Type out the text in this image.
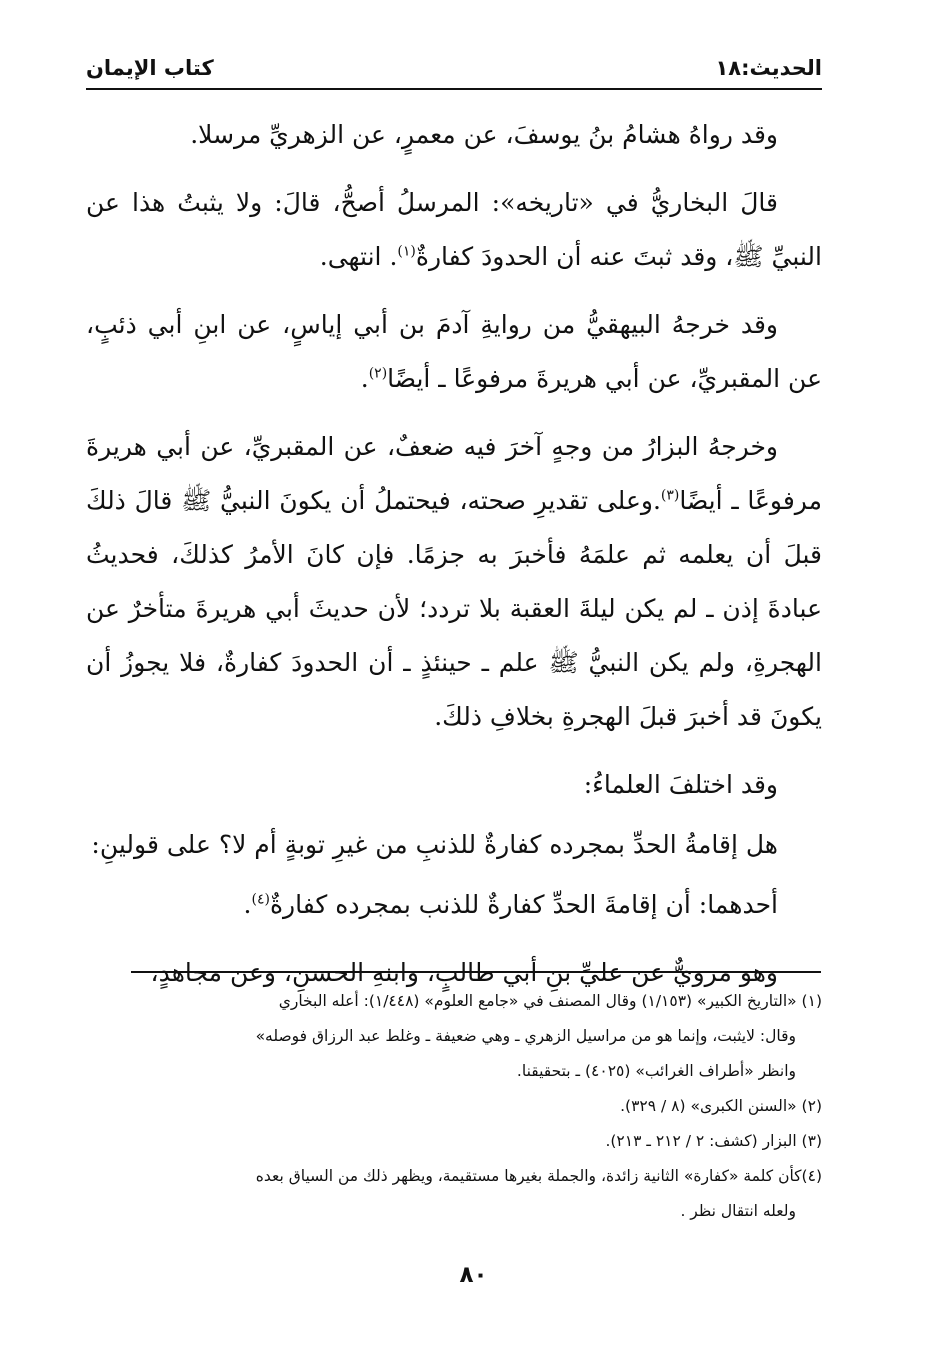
الحديث:١٨
كتاب الإيمان

وقد رواهُ هشامُ بنُ يوسفَ، عن معمرٍ، عن الزهريِّ مرسلا.

قالَ البخاريُّ في «تاريخه»: المرسلُ أصحُّ، قالَ: ولا يثبتُ هذا عن النبيِّ ﷺ، وقد ثبتَ عنه أن الحدودَ كفارةٌ$^{(١)}$. انتهى.

وقد خرجهُ البيهقيُّ من روايةِ آدمَ بن أبي إياسٍ، عن ابنِ أبي ذئبٍ، عن المقبريِّ، عن أبي هريرةَ مرفوعًا ـ أيضًا$^{(٢)}$.

وخرجهُ البزارُ من وجهٍ آخرَ فيه ضعفٌ، عن المقبريِّ، عن أبي هريرةَ مرفوعًا ـ أيضًا$^{(٣)}$.وعلى تقديرِ صحته، فيحتملُ أن يكونَ النبيُّ ﷺ قالَ ذلكَ قبلَ أن يعلمه ثم علمَهُ فأخبرَ به جزمًا. فإن كانَ الأمرُ كذلكَ، فحديثُ عبادةَ إذن ـ لم يكن ليلةَ العقبة بلا تردد؛ لأن حديثَ أبي هريرةَ متأخرٌ عن الهجرةِ، ولم يكن النبيُّ ﷺ علم ـ حينئذٍ ـ أن الحدودَ كفارةٌ، فلا يجوزُ أن يكونَ قد أخبرَ قبلَ الهجرةِ بخلافِ ذلكَ.

وقد اختلفَ العلماءُ:

هل إقامةُ الحدِّ بمجرده كفارةٌ للذنبِ من غيرِ توبةٍ أم لا؟ على قولينِ:

أحدهما: أن إقامةَ الحدِّ كفارةٌ للذنب بمجرده كفارةٌ$^{(٤)}$.

وهو مرويٌّ عن عليِّ بنِ أبي طالبٍ، وابنهِ الحسنِ، وعن مجاهدٍ،

(١) «التاريخ الكبير» (١/١٥٣) وقال المصنف في «جامع العلوم» (١/٤٤٨): أعله البخاري
وقال: لايثبت، وإنما هو من مراسيل الزهري ـ وهي ضعيفة ـ وغلط عبد الرزاق فوصله»
وانظر «أطراف الغرائب» (٤٠٢٥) ـ بتحقيقنا.
(٢) «السنن الكبرى» (٨ / ٣٢٩).
(٣) البزار (كشف: ٢ / ٢١٢ ـ ٢١٣).
(٤)كأن كلمة «كفارة» الثانية زائدة، والجملة بغيرها مستقيمة، ويظهر ذلك من السياق بعده
ولعله انتقال نظر .
٨٠
